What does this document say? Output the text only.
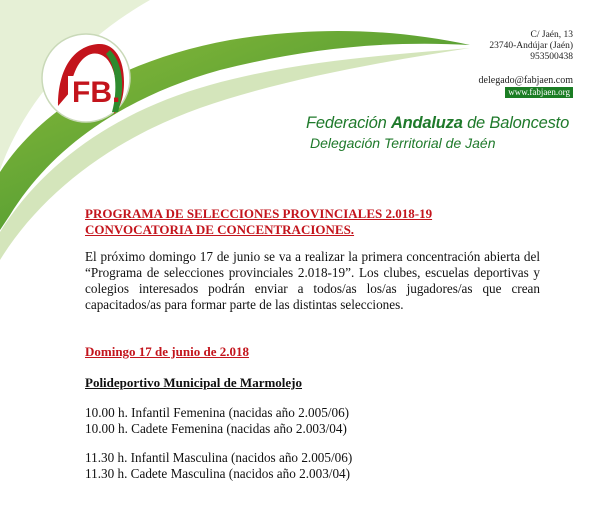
FB.
C/ Jaén, 13
23740-Andújar (Jaén)
953500438
delegado@fabjaen.com
www.fabjaen.org
Federación Andaluza de Baloncesto
Delegación Territorial de Jaén

PROGRAMA DE SELECCIONES PROVINCIALES 2.018-19

CONVOCATORIA DE CONCENTRACIONES.

El próximo domingo 17 de junio se va a realizar la primera concentración abierta del “Programa de selecciones provinciales 2.018-19”. Los clubes, escuelas deportivas y colegios interesados podrán enviar a todos/as los/as jugadores/as que crean capacitados/as para formar parte de las distintas selecciones.

Domingo 17 de junio de 2.018
Polideportivo Municipal de Marmolejo

10.00 h. Infantil Femenina (nacidas año 2.005/06)

10.00 h. Cadete Femenina (nacidas año 2.003/04)

11.30 h. Infantil Masculina (nacidos año 2.005/06)

11.30 h. Cadete Masculina (nacidos año 2.003/04)
